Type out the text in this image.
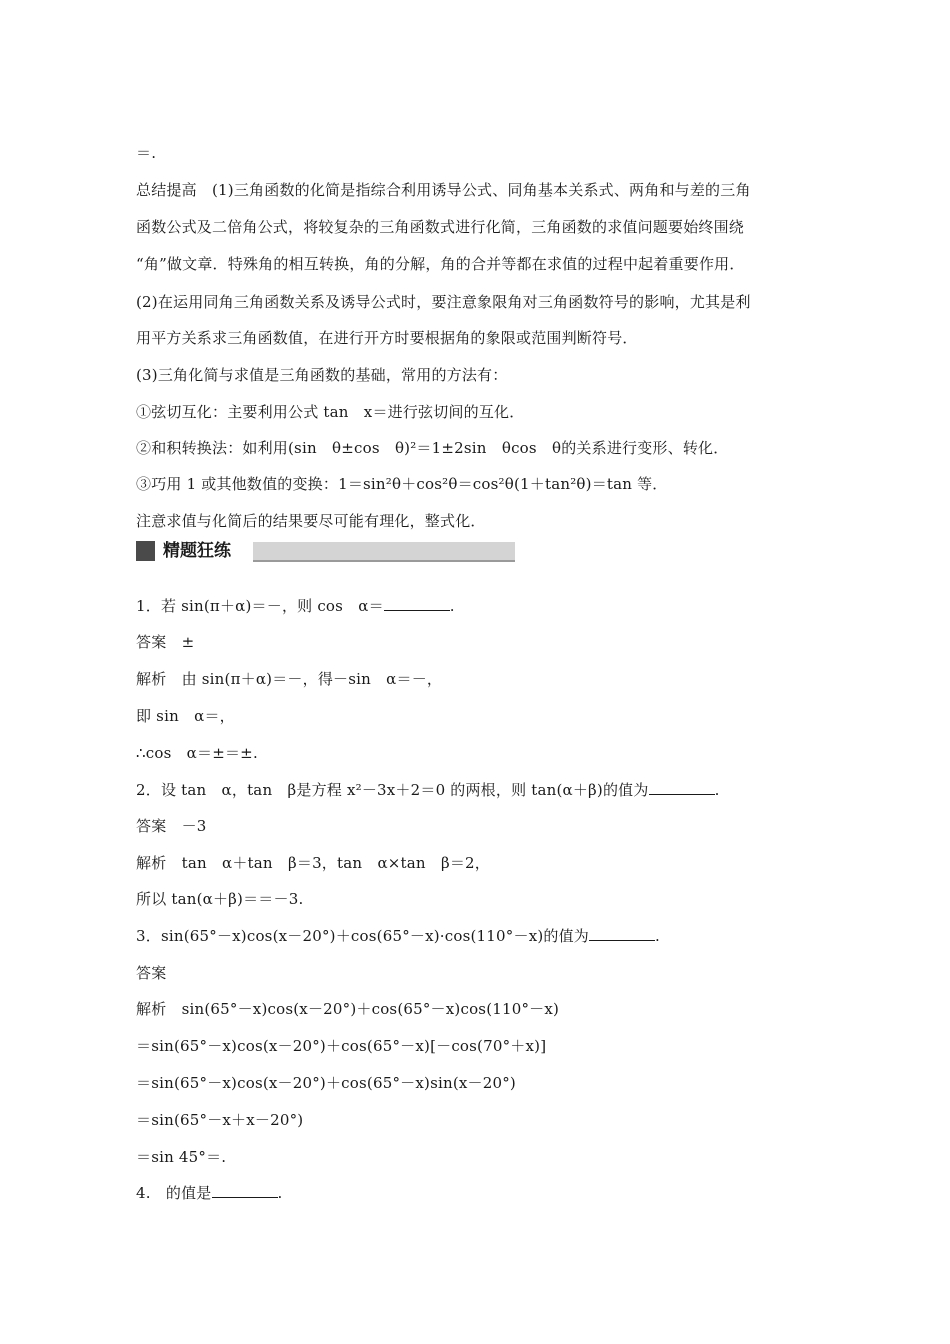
＝.
总结提高　(1)三角函数的化简是指综合利用诱导公式、同角基本关系式、两角和与差的三角
函数公式及二倍角公式，将较复杂的三角函数式进行化简，三角函数的求值问题要始终围绕
“角”做文章．特殊角的相互转换，角的分解，角的合并等都在求值的过程中起着重要作用．
(2)在运用同角三角函数关系及诱导公式时，要注意象限角对三角函数符号的影响，尤其是利
用平方关系求三角函数值，在进行开方时要根据角的象限或范围判断符号．
(3)三角化简与求值是三角函数的基础，常用的方法有：
①弦切互化：主要利用公式 tan　x＝进行弦切间的互化．
②和积转换法：如利用(sin　θ±cos　θ)²＝1±2sin　θcos　θ的关系进行变形、转化．
③巧用 1 或其他数值的变换：1＝sin²θ＋cos²θ＝cos²θ(1＋tan²θ)＝tan 等．
注意求值与化简后的结果要尽可能有理化，整式化．
精题狂练
1．若 sin(π＋α)＝－，则 cos　α＝	.
答案　±
解析　由 sin(π＋α)＝－，得－sin　α＝－，
即 sin　α＝，
∴cos　α＝±＝±.
2．设 tan　α，tan　β是方程 x²－3x＋2＝0 的两根，则 tan(α＋β)的值为	.
答案　－3
解析　tan　α＋tan　β＝3，tan　α×tan　β＝2，
所以 tan(α＋β)＝＝－3.
3．sin(65°－x)cos(x－20°)＋cos(65°－x)·cos(110°－x)的值为	.
答案
解析　sin(65°－x)cos(x－20°)＋cos(65°－x)cos(110°－x)
＝sin(65°－x)cos(x－20°)＋cos(65°－x)[－cos(70°＋x)]
＝sin(65°－x)cos(x－20°)＋cos(65°－x)sin(x－20°)
＝sin(65°－x＋x－20°)
＝sin 45°＝.
4.　的值是	.
